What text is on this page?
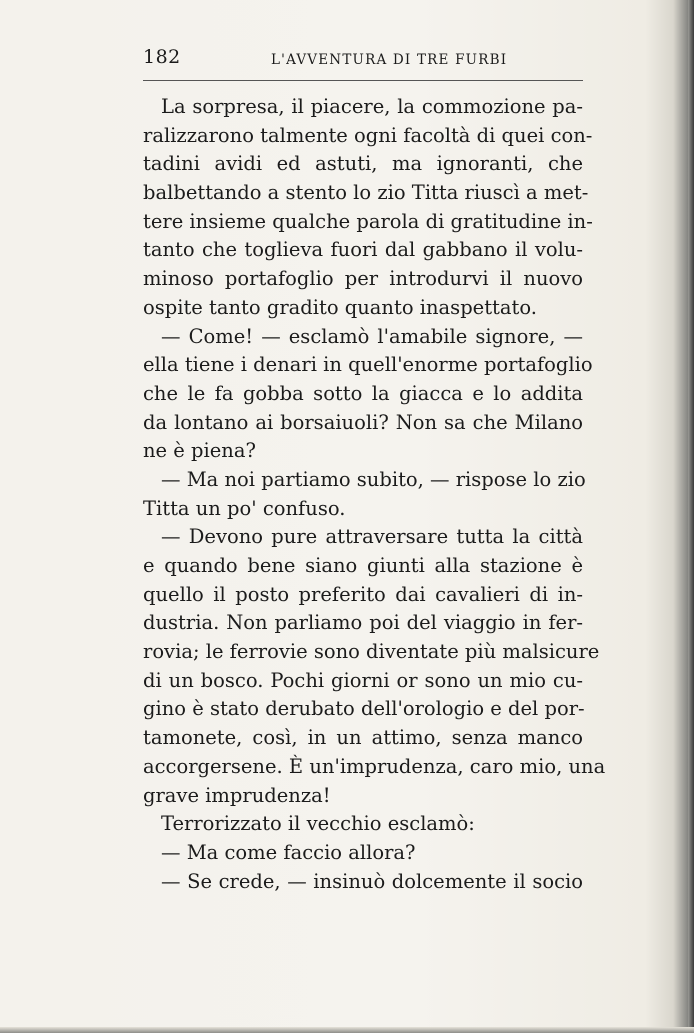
182	L'AVVENTURA DI TRE FURBI
La sorpresa, il piacere, la commozione pa-
ralizzarono talmente ogni facoltà di quei con-
tadini avidi ed astuti, ma ignoranti, che
balbettando a stento lo zio Titta riuscì a met-
tere insieme qualche parola di gratitudine in-
tanto che toglieva fuori dal gabbano il volu-
minoso portafoglio per introdurvi il nuovo
ospite tanto gradito quanto inaspettato.
— Come! — esclamò l'amabile signore, —
ella tiene i denari in quell'enorme portafoglio
che le fa gobba sotto la giacca e lo addita
da lontano ai borsaiuoli? Non sa che Milano
ne è piena?
— Ma noi partiamo subito, — rispose lo zio
Titta un po' confuso.
— Devono pure attraversare tutta la città
e quando bene siano giunti alla stazione è
quello il posto preferito dai cavalieri di in-
dustria. Non parliamo poi del viaggio in fer-
rovia; le ferrovie sono diventate più malsicure
di un bosco. Pochi giorni or sono un mio cu-
gino è stato derubato dell'orologio e del por-
tamonete, così, in un attimo, senza manco
accorgersene. È un'imprudenza, caro mio, una
grave imprudenza!
Terrorizzato il vecchio esclamò:
— Ma come faccio allora?
— Se crede, — insinuò dolcemente il socio
